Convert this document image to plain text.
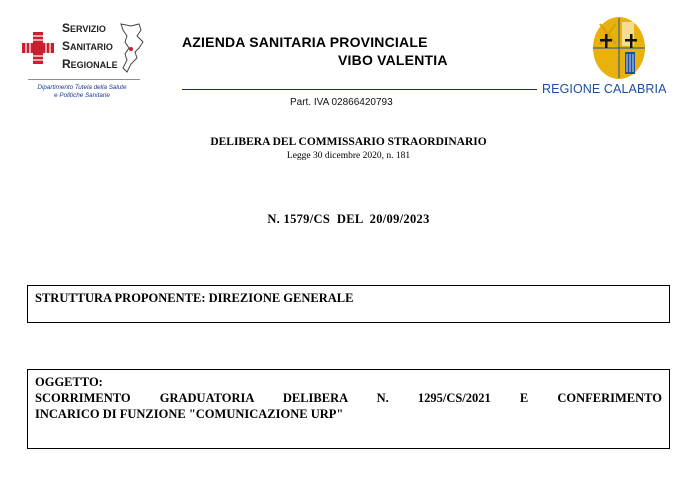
SERVIZIO
SANITARIO
REGIONALE
Dipartimento Tutela della Salute
e Politiche Sanitarie
AZIENDA SANITARIA PROVINCIALE
VIBO VALENTIA
Part. IVA 02866420793
REGIONE CALABRIA
DELIBERA DEL COMMISSARIO STRAORDINARIO
Legge 30 dicembre 2020, n. 181
N. 1579/CS  DEL  20/09/2023
STRUTTURA PROPONENTE: DIREZIONE GENERALE
OGGETTO:
SCORRIMENTO GRADUATORIA DELIBERA N. 1295/CS/2021 E CONFERIMENTO
INCARICO DI FUNZIONE "COMUNICAZIONE URP"
